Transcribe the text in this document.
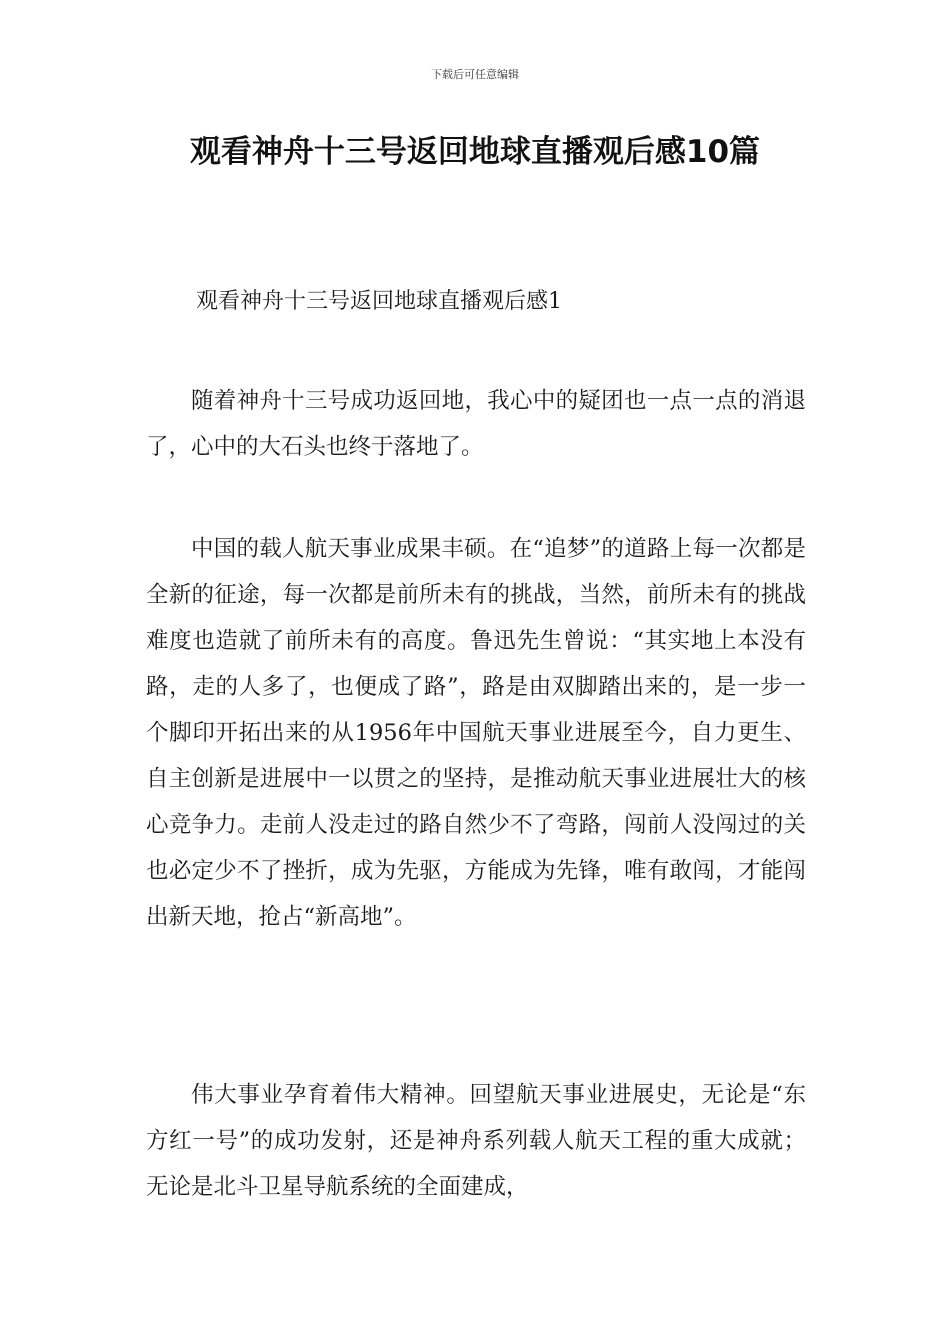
下载后可任意编辑
观看神舟十三号返回地球直播观后感10篇
观看神舟十三号返回地球直播观后感1

随着神舟十三号成功返回地，我心中的疑团也一点一点的消退了，心中的大石头也终于落地了。

中国的载人航天事业成果丰硕。在“追梦”的道路上每一次都是全新的征途，每一次都是前所未有的挑战，当然，前所未有的挑战难度也造就了前所未有的高度。鲁迅先生曾说：“其实地上本没有路，走的人多了，也便成了路”，路是由双脚踏出来的，是一步一个脚印开拓出来的从1956年中国航天事业进展至今，自力更生、自主创新是进展中一以贯之的坚持，是推动航天事业进展壮大的核心竞争力。走前人没走过的路自然少不了弯路，闯前人没闯过的关也必定少不了挫折，成为先驱，方能成为先锋，唯有敢闯，才能闯出新天地，抢占“新高地”。

伟大事业孕育着伟大精神。回望航天事业进展史，无论是“东方红一号”的成功发射，还是神舟系列载人航天工程的重大成就；无论是北斗卫星导航系统的全面建成，
